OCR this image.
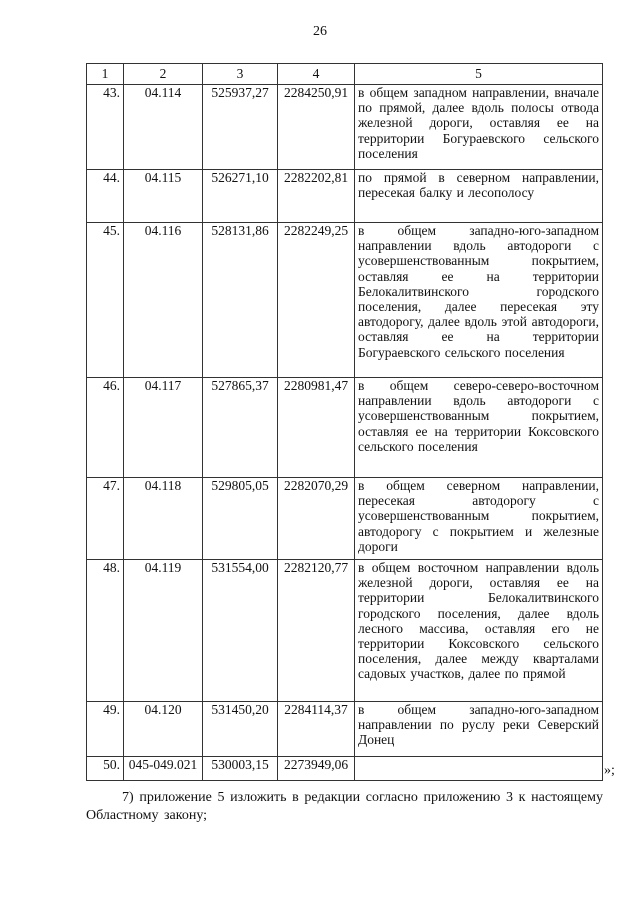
26
1	2	3	4	5
43.	04.114	525937,27	2284250,91	в общем западном направлении, вначале по прямой, далее вдоль полосы отвода железной дороги, оставляя ее на территории Богураевского сельского поселения
44.	04.115	526271,10	2282202,81	по прямой в северном направлении, пересекая балку и лесополосу
45.	04.116	528131,86	2282249,25	в общем западно-юго-западном направлении вдоль автодороги с усовершенствованным покрытием, оставляя ее на территории Белокалитвинского городского поселения, далее пересекая эту автодорогу, далее вдоль этой автодороги, оставляя ее на территории Богураевского сельского поселения
46.	04.117	527865,37	2280981,47	в общем северо-северо-восточном направлении вдоль автодороги с усовершенствованным покрытием, оставляя ее на территории Коксовского сельского поселения
47.	04.118	529805,05	2282070,29	в общем северном направлении, пересекая автодорогу с усовершенствованным покрытием, автодорогу с покрытием и железные дороги
48.	04.119	531554,00	2282120,77	в общем восточном направлении вдоль железной дороги, оставляя ее на территории Белокалитвинского городского поселения, далее вдоль лесного массива, оставляя его не территории Коксовского сельского поселения, далее между кварталами садовых участков, далее по прямой
49.	04.120	531450,20	2284114,37	в общем западно-юго-западном направлении по руслу реки Северский Донец
50.	045-049.021	530003,15	2273949,06		»;
7) приложение 5 изложить в редакции согласно приложению 3 к настоящему Областному закону;
